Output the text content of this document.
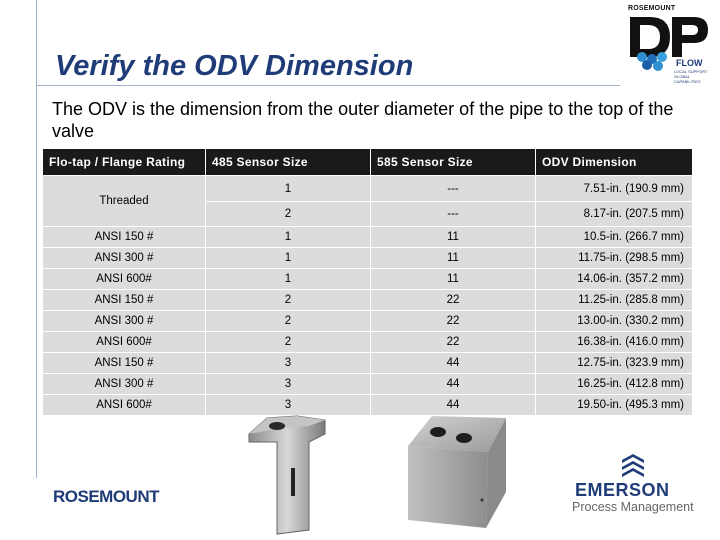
Verify the ODV Dimension
The ODV is the dimension from the outer diameter of the pipe to the top of the valve
ROSEMOUNT
FLOW
LOCAL SUPPORT
GLOBAL CAPABILITIES
Flo-tap / Flange Rating	485 Sensor Size	585 Sensor Size	ODV Dimension
Threaded	1	---	7.51-in. (190.9 mm)
	2	---	8.17-in. (207.5 mm)
ANSI 150 #	1	11	10.5-in. (266.7 mm)
ANSI 300 #	1	11	11.75-in. (298.5 mm)
ANSI 600#	1	11	14.06-in. (357.2 mm)
ANSI 150 #	2	22	11.25-in. (285.8 mm)
ANSI 300 #	2	22	13.00-in. (330.2 mm)
ANSI 600#	2	22	16.38-in. (416.0 mm)
ANSI 150 #	3	44	12.75-in. (323.9 mm)
ANSI 300 #	3	44	16.25-in. (412.8 mm)
ANSI 600#	3	44	19.50-in. (495.3 mm)
ROSEMOUNT	EMERSON
Process Management
